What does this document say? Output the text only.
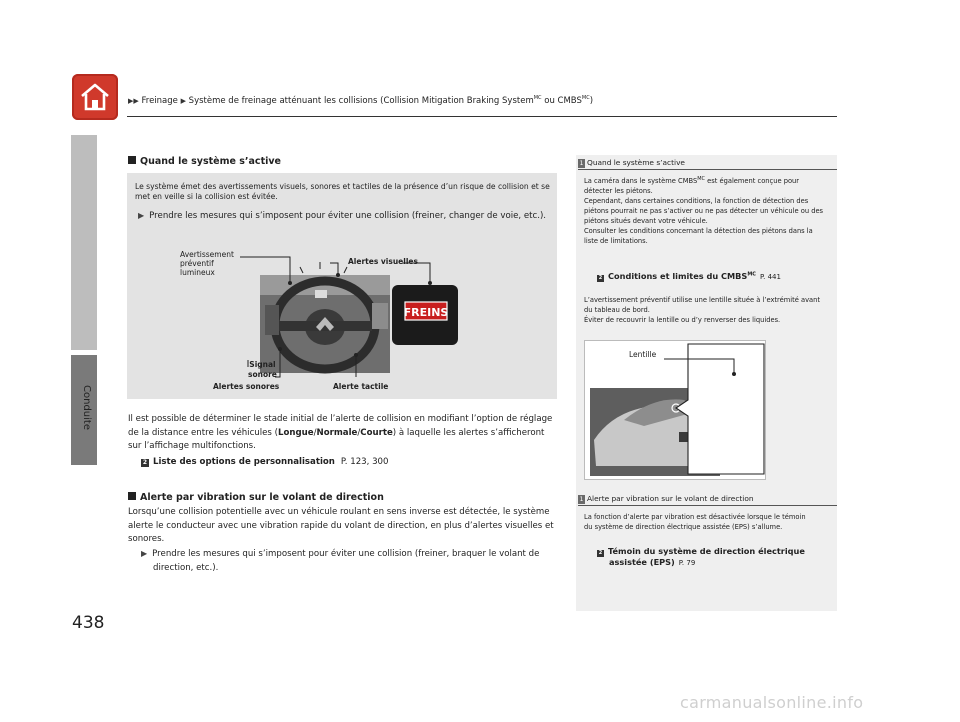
▶▶ Freinage ▶ Système de freinage atténuant les collisions (Collision Mitigation Braking System$^{MC}$ ou $CMBS^{MC}$)
Conduite
438
Quand le système s’active
Le système émet des avertissements visuels, sonores et tactiles de la présence d’un risque de collision et se met en veille si la collision est évitée.
▶ Prendre les mesures qui s’imposent pour éviter une collision (freiner, changer de voie, etc.).
FREINS
Avertissement
préventif
lumineux
Alertes visuelles
Signal
sonore
Alertes sonores	Alerte tactile
Il est possible de déterminer le stade initial de l’alerte de collision en modifiant l’option de réglage de la distance entre les véhicules (Longue/Normale/Courte) à laquelle les alertes s’afficheront sur l’affichage multifonctions.
2 Liste des options de personnalisation P. 123, 300
Alerte par vibration sur le volant de direction
Lorsqu’une collision potentielle avec un véhicule roulant en sens inverse est détectée, le système alerte le conducteur avec une vibration rapide du volant de direction, en plus d’alertes visuelles et sonores.
▶ Prendre les mesures qui s’imposent pour éviter une collision (freiner, braquer le volant de direction, etc.).
1 Quand le système s’active
La caméra dans le système $CMBS^{MC}$ est également conçue pour détecter les piétons.
Cependant, dans certaines conditions, la fonction de détection des piétons pourrait ne pas s’activer ou ne pas détecter un véhicule ou des piétons situés devant votre véhicule.
Consulter les conditions concernant la détection des piétons dans la liste de limitations.
2 Conditions et limites du $CMBS^{MC}$ P. 441
L’avertissement préventif utilise une lentille située à l’extrémité avant du tableau de bord.
Éviter de recouvrir la lentille ou d’y renverser des liquides.
Lentille
1 Alerte par vibration sur le volant de direction
La fonction d’alerte par vibration est désactivée lorsque le témoin du système de direction électrique assistée (EPS) s’allume.
2 Témoin du système de direction électrique
assistée (EPS) P. 79
carmanualsonline.info
